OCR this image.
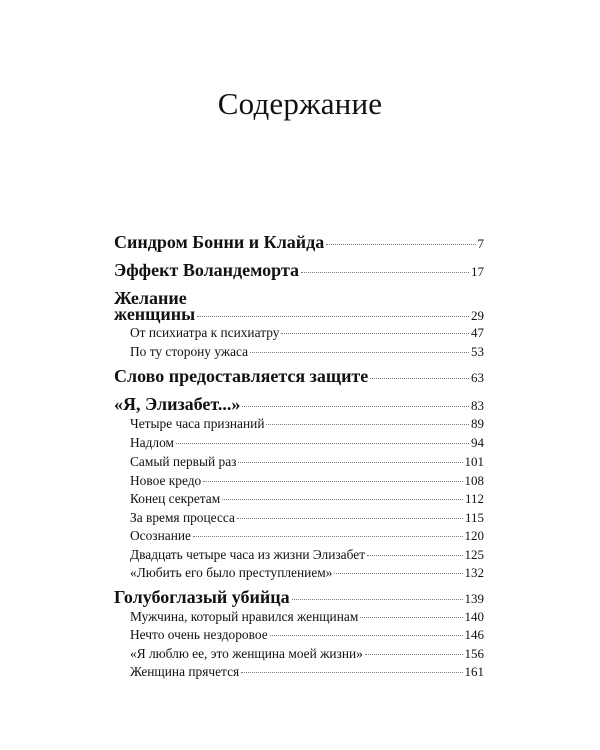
Содержание
Синдром Бонни и Клайда	7
Эффект Воландеморта	17
Желание
женщины	29
От психиатра к психиатру	47
По ту сторону ужаса	53
Слово предоставляется защите	63
«Я, Элизабет...»	83
Четыре часа признаний	89
Надлом	94
Самый первый раз	101
Новое кредо	108
Конец секретам	112
За время процесса	115
Осознание	120
Двадцать четыре часа из жизни Элизабет	125
«Любить его было преступлением»	132
Голубоглазый убийца	139
Мужчина, который нравился женщинам	140
Нечто очень нездоровое	146
«Я люблю ее, это женщина моей жизни»	156
Женщина прячется	161
